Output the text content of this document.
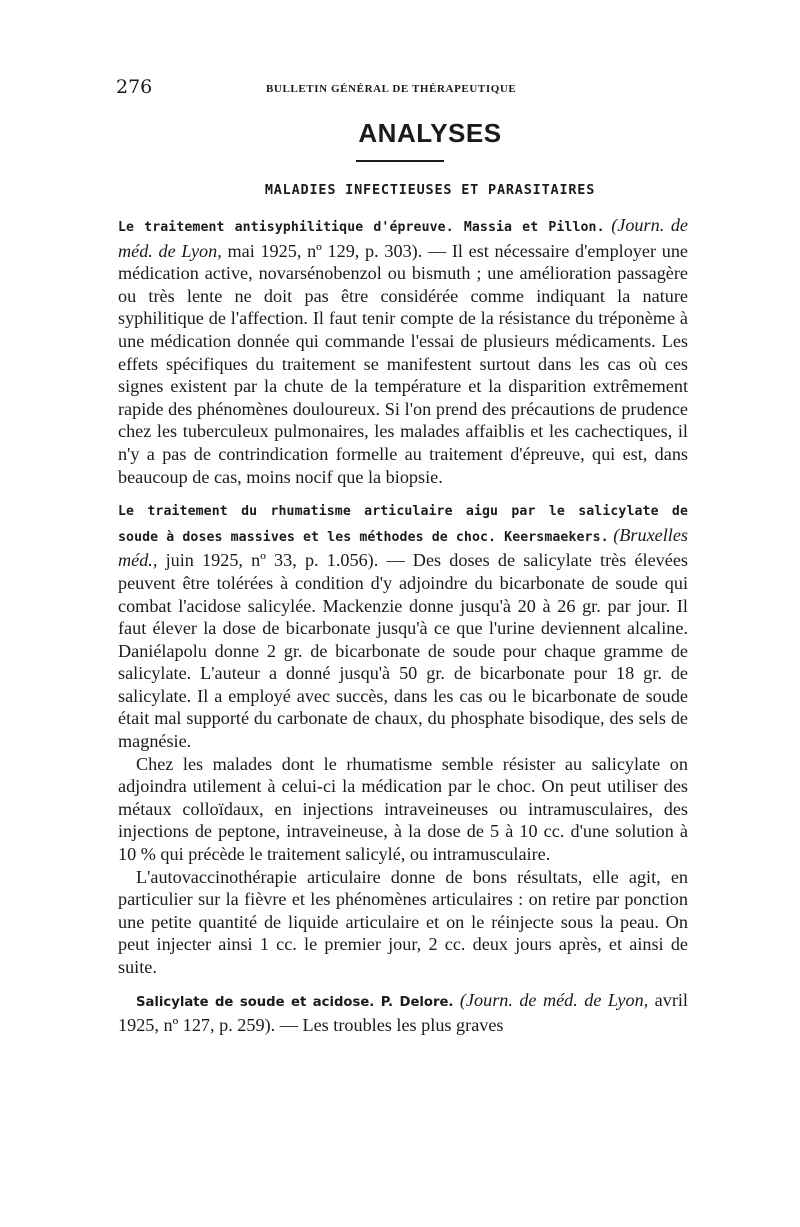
276	BULLETIN GÉNÉRAL DE THÉRAPEUTIQUE
ANALYSES
MALADIES INFECTIEUSES ET PARASITAIRES

Le traitement antisyphilitique d'épreuve. Massia et Pillon. (Journ. de méd. de Lyon, mai 1925, nº 129, p. 303). — Il est nécessaire d'employer une médication active, novarsénobenzol ou bismuth ; une amélioration passagère ou très lente ne doit pas être considérée comme indiquant la nature syphilitique de l'affection. Il faut tenir compte de la résistance du tréponème à une médication donnée qui commande l'essai de plusieurs médicaments. Les effets spécifiques du traitement se manifestent surtout dans les cas où ces signes existent par la chute de la température et la disparition extrêmement rapide des phénomènes douloureux. Si l'on prend des précautions de prudence chez les tuberculeux pulmonaires, les malades affaiblis et les cachectiques, il n'y a pas de contrindication formelle au traitement d'épreuve, qui est, dans beaucoup de cas, moins nocif que la biopsie.

Le traitement du rhumatisme articulaire aigu par le salicylate de soude à doses massives et les méthodes de choc. Keersmaekers. (Bruxelles méd., juin 1925, nº 33, p. 1.056). — Des doses de salicylate très élevées peuvent être tolérées à condition d'y adjoindre du bicarbonate de soude qui combat l'acidose salicylée. Mackenzie donne jusqu'à 20 à 26 gr. par jour. Il faut élever la dose de bicarbonate jusqu'à ce que l'urine deviennent alcaline. Daniélapolu donne 2 gr. de bicarbonate de soude pour chaque gramme de salicylate. L'auteur a donné jusqu'à 50 gr. de bicarbonate pour 18 gr. de salicylate. Il a employé avec succès, dans les cas ou le bicarbonate de soude était mal supporté du carbonate de chaux, du phosphate bisodique, des sels de magnésie.

Chez les malades dont le rhumatisme semble résister au salicylate on adjoindra utilement à celui-ci la médication par le choc. On peut utiliser des métaux colloïdaux, en injections intraveineuses ou intramusculaires, des injections de peptone, intraveineuse, à la dose de 5 à 10 cc. d'une solution à 10 % qui précède le traitement salicylé, ou intramusculaire.

L'autovaccinothérapie articulaire donne de bons résultats, elle agit, en particulier sur la fièvre et les phénomènes articulaires : on retire par ponction une petite quantité de liquide articulaire et on le réinjecte sous la peau. On peut injecter ainsi 1 cc. le premier jour, 2 cc. deux jours après, et ainsi de suite.

Salicylate de soude et acidose. P. Delore. (Journ. de méd. de Lyon, avril 1925, nº 127, p. 259). — Les troubles les plus graves
